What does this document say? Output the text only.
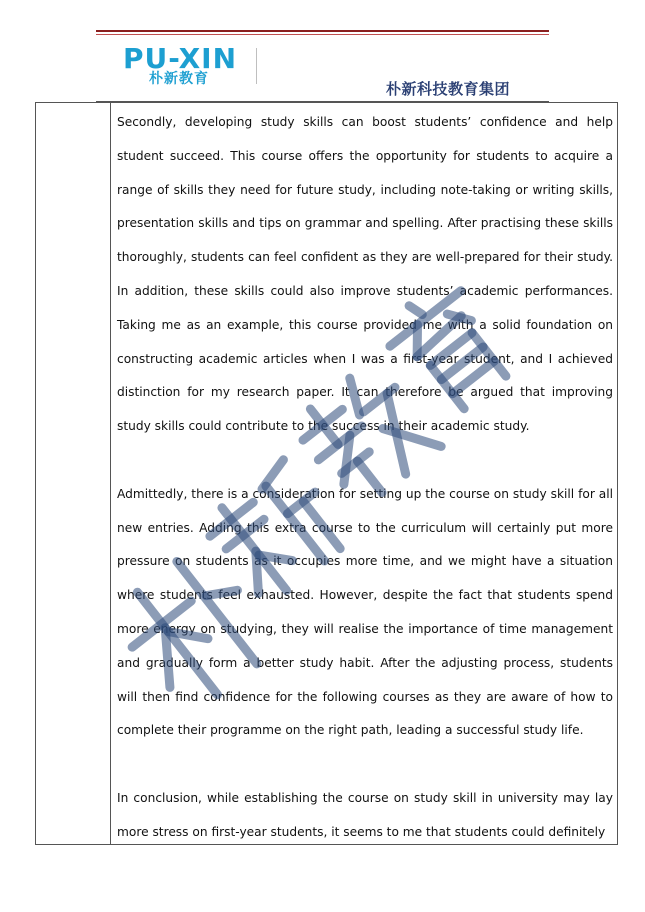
PU-XIN
朴新教育
朴新科技教育集团

Secondly, developing study skills can boost students’ confidence and help student succeed. This course offers the opportunity for students to acquire a range of skills they need for future study, including note-taking or writing skills, presentation skills and tips on grammar and spelling. After practising these skills thoroughly, students can feel confident as they are well-prepared for their study. In addition, these skills could also improve students’ academic performances. Taking me as an example, this course provided me with a solid foundation on constructing academic articles when I was a first-year student, and I achieved distinction for my research paper. It can therefore be argued that improving study skills could contribute to the success in their academic study.

Admittedly, there is a consideration for setting up the course on study skill for all new entries. Adding this extra course to the curriculum will certainly put more pressure on students as it occupies more time, and we might have a situation where students feel exhausted. However, despite the fact that students spend more energy on studying, they will realise the importance of time management and gradually form a better study habit. After the adjusting process, students will then find confidence for the following courses as they are aware of how to complete their programme on the right path, leading a successful study life.

In conclusion, while establishing the course on study skill in university may lay more stress on first-year students, it seems to me that students could definitely
